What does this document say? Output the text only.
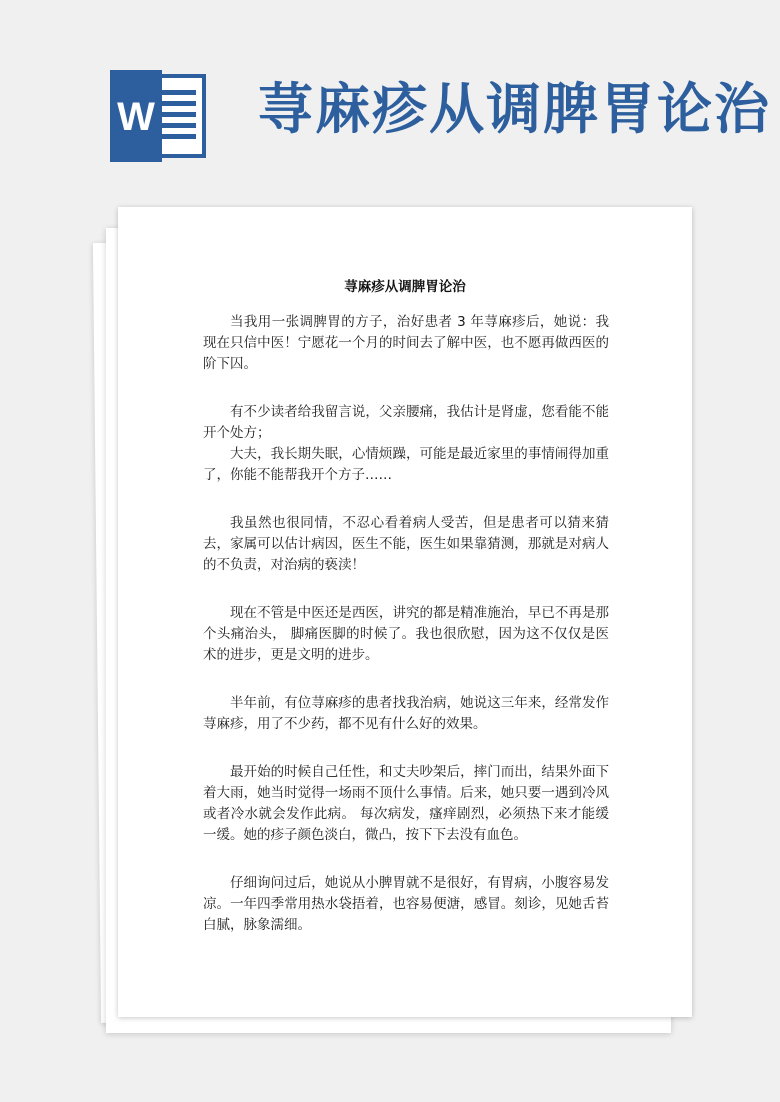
W 荨麻疹从调脾胃论治
荨麻疹从调脾胃论治

当我用一张调脾胃的方子，治好患者 3 年荨麻疹后，她说：我现在只信中医！宁愿花一个月的时间去了解中医，也不愿再做西医的阶下囚。

有不少读者给我留言说，父亲腰痛，我估计是肾虚，您看能不能开个处方；

大夫，我长期失眠，心情烦躁，可能是最近家里的事情闹得加重了，你能不能帮我开个方子……

我虽然也很同情，不忍心看着病人受苦，但是患者可以猜来猜去，家属可以估计病因，医生不能，医生如果靠猜测，那就是对病人的不负责，对治病的亵渎！

现在不管是中医还是西医，讲究的都是精准施治，早已不再是那个头痛治头， 脚痛医脚的时候了。我也很欣慰，因为这不仅仅是医术的进步，更是文明的进步。

半年前，有位荨麻疹的患者找我治病，她说这三年来，经常发作荨麻疹，用了不少药，都不见有什么好的效果。

最开始的时候自己任性，和丈夫吵架后，摔门而出，结果外面下着大雨，她当时觉得一场雨不顶什么事情。后来，她只要一遇到冷风或者冷水就会发作此病。 每次病发，瘙痒剧烈，必须热下来才能缓一缓。她的疹子颜色淡白，微凸，按下下去没有血色。

仔细询问过后，她说从小脾胃就不是很好，有胃病，小腹容易发凉。一年四季常用热水袋捂着，也容易便溏，感冒。刻诊，见她舌苔白腻，脉象濡细。
